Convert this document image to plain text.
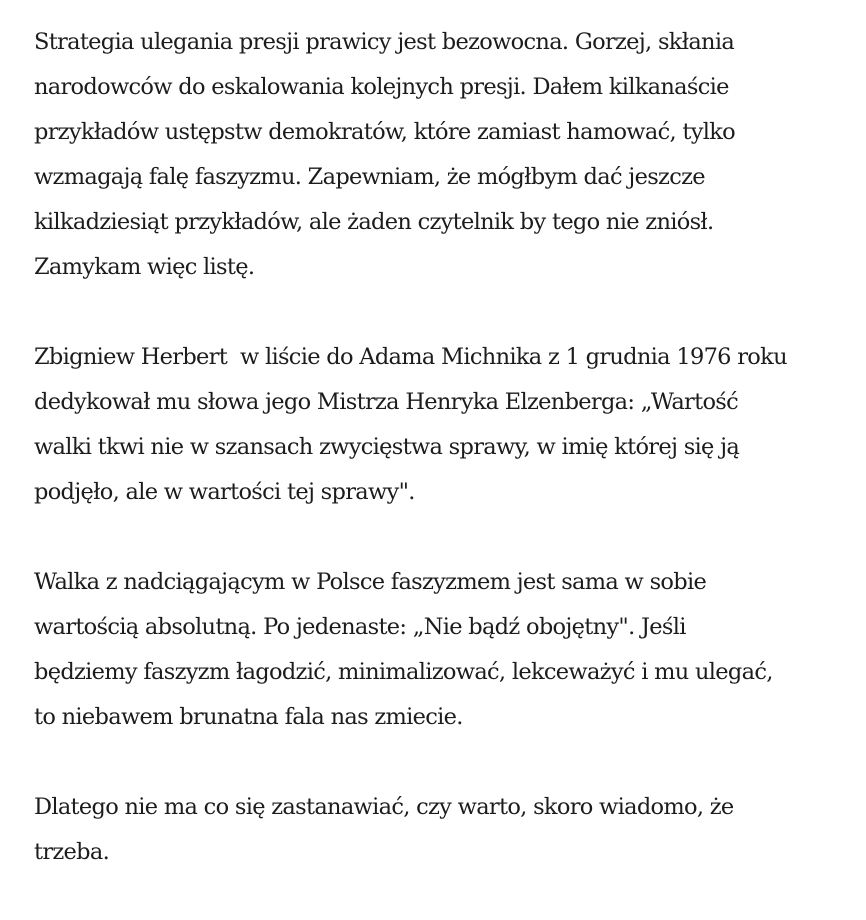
Strategia ulegania presji prawicy jest bezowocna. Gorzej, skłania
narodowców do eskalowania kolejnych presji. Dałem kilkanaście
przykładów ustępstw demokratów, które zamiast hamować, tylko
wzmagają falę faszyzmu. Zapewniam, że mógłbym dać jeszcze
kilkadziesiąt przykładów, ale żaden czytelnik by tego nie zniósł.
Zamykam więc listę.

Zbigniew Herbert  w liście do Adama Michnika z 1 grudnia 1976 roku
dedykował mu słowa jego Mistrza Henryka Elzenberga: „Wartość
walki tkwi nie w szansach zwycięstwa sprawy, w imię której się ją
podjęło, ale w wartości tej sprawy".

Walka z nadciągającym w Polsce faszyzmem jest sama w sobie
wartością absolutną. Po jedenaste: „Nie bądź obojętny". Jeśli
będziemy faszyzm łagodzić, minimalizować, lekceważyć i mu ulegać,
to niebawem brunatna fala nas zmiecie.

Dlatego nie ma co się zastanawiać, czy warto, skoro wiadomo, że
trzeba.
